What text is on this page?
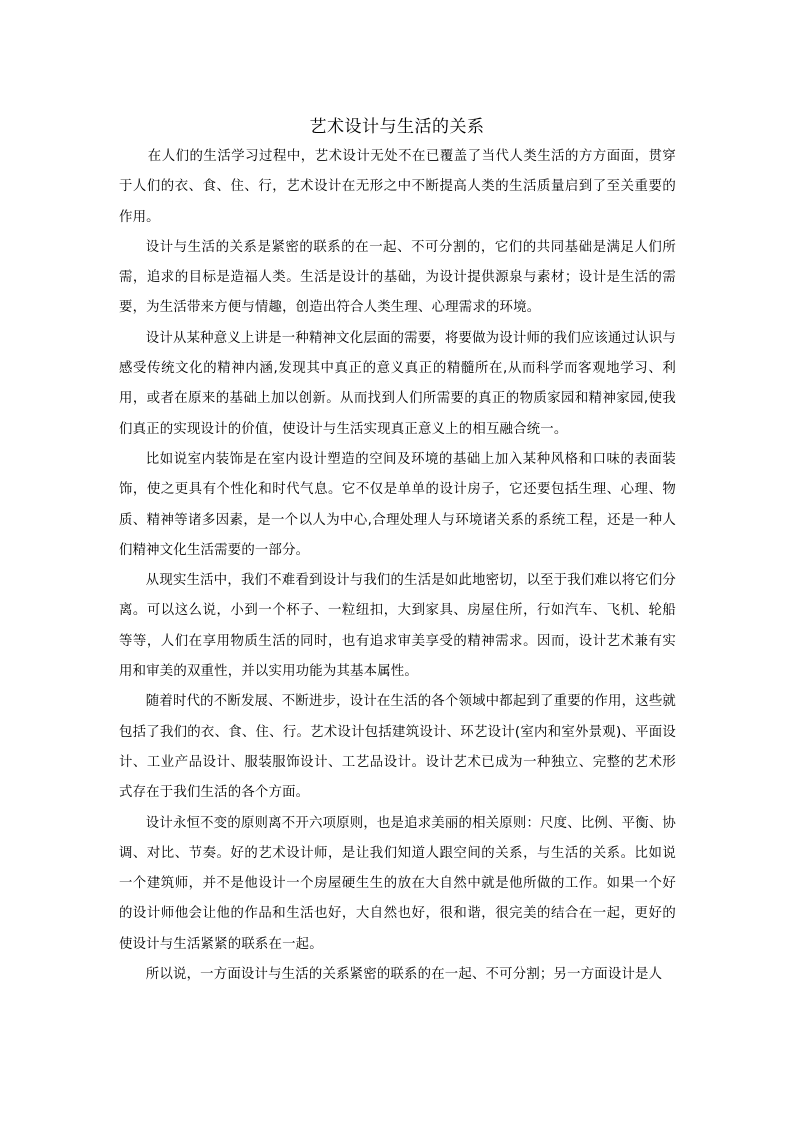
艺术设计与生活的关系

在人们的生活学习过程中，艺术设计无处不在已覆盖了当代人类生活的方方面面，贯穿于人们的衣、食、住、行，艺术设计在无形之中不断提高人类的生活质量启到了至关重要的作用。

设计与生活的关系是紧密的联系的在一起、不可分割的，它们的共同基础是满足人们所需，追求的目标是造福人类。生活是设计的基础，为设计提供源泉与素材；设计是生活的需要，为生活带来方便与情趣，创造出符合人类生理、心理需求的环境。

设计从某种意义上讲是一种精神文化层面的需要，将要做为设计师的我们应该通过认识与感受传统文化的精神内涵,发现其中真正的意义真正的精髓所在,从而科学而客观地学习、利用，或者在原来的基础上加以创新。从而找到人们所需要的真正的物质家园和精神家园,使我们真正的实现设计的价值，使设计与生活实现真正意义上的相互融合统一。

比如说室内装饰是在室内设计塑造的空间及环境的基础上加入某种风格和口味的表面装饰，使之更具有个性化和时代气息。它不仅是单单的设计房子，它还要包括生理、心理、物质、精神等诸多因素，是一个以人为中心,合理处理人与环境诸关系的系统工程，还是一种人们精神文化生活需要的一部分。

从现实生活中，我们不难看到设计与我们的生活是如此地密切，以至于我们难以将它们分离。可以这么说，小到一个杯子、一粒纽扣，大到家具、房屋住所，行如汽车、飞机、轮船等等，人们在享用物质生活的同时，也有追求审美享受的精神需求。因而，设计艺术兼有实用和审美的双重性，并以实用功能为其基本属性。

随着时代的不断发展、不断进步，设计在生活的各个领域中都起到了重要的作用，这些就包括了我们的衣、食、住、行。艺术设计包括建筑设计、环艺设计(室内和室外景观)、平面设计、工业产品设计、服装服饰设计、工艺品设计。设计艺术已成为一种独立、完整的艺术形式存在于我们生活的各个方面。

设计永恒不变的原则离不开六项原则，也是追求美丽的相关原则：尺度、比例、平衡、协调、对比、节奏。好的艺术设计师，是让我们知道人跟空间的关系，与生活的关系。比如说一个建筑师，并不是他设计一个房屋硬生生的放在大自然中就是他所做的工作。如果一个好的设计师他会让他的作品和生活也好，大自然也好，很和谐，很完美的结合在一起，更好的使设计与生活紧紧的联系在一起。

所以说，一方面设计与生活的关系紧密的联系的在一起、不可分割；另一方面设计是人
